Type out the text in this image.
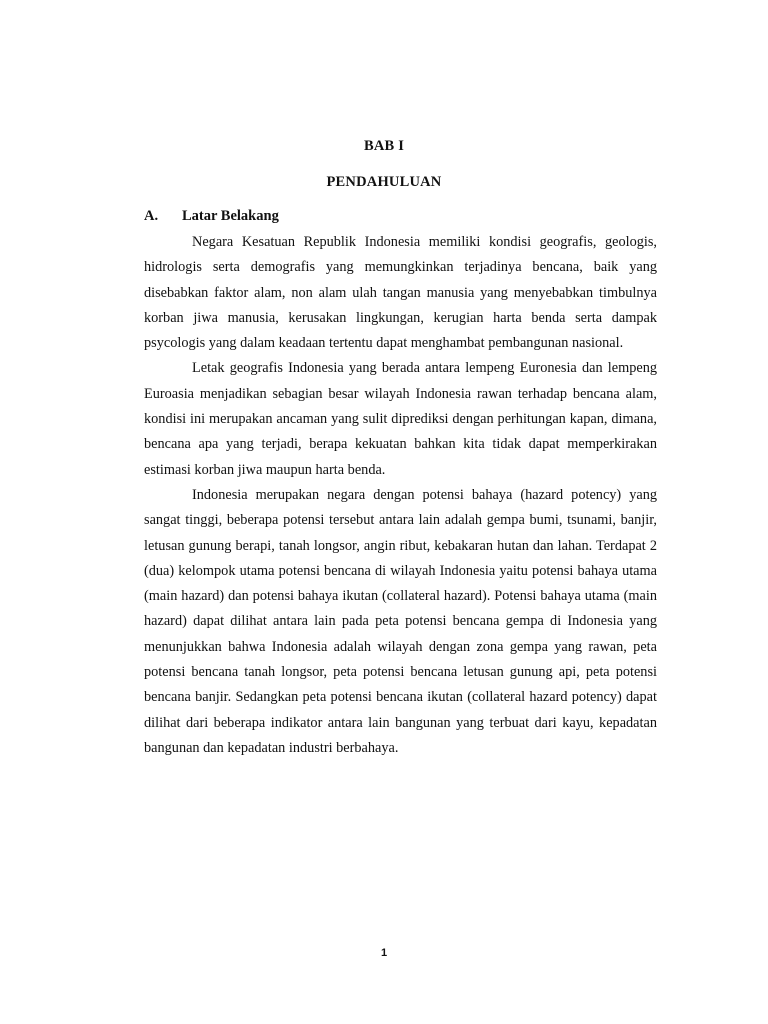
BAB I
PENDAHULUAN
A. Latar Belakang

Negara Kesatuan Republik Indonesia memiliki kondisi geografis, geologis, hidrologis serta demografis yang memungkinkan terjadinya bencana, baik yang disebabkan faktor alam, non alam ulah tangan manusia yang menyebabkan timbulnya korban jiwa manusia, kerusakan lingkungan, kerugian harta benda serta dampak psycologis yang dalam keadaan tertentu dapat menghambat pembangunan nasional.

Letak geografis Indonesia yang berada antara lempeng Euronesia dan lempeng Euroasia menjadikan sebagian besar wilayah Indonesia rawan terhadap bencana alam, kondisi ini merupakan ancaman yang sulit diprediksi dengan perhitungan kapan, dimana, bencana apa yang terjadi, berapa kekuatan bahkan kita tidak dapat memperkirakan estimasi korban jiwa maupun harta benda.

Indonesia merupakan negara dengan potensi bahaya (hazard potency) yang sangat tinggi, beberapa potensi tersebut antara lain adalah gempa bumi, tsunami, banjir, letusan gunung berapi, tanah longsor, angin ribut, kebakaran hutan dan lahan. Terdapat 2 (dua) kelompok utama potensi bencana di wilayah Indonesia yaitu potensi bahaya utama (main hazard) dan potensi bahaya ikutan (collateral hazard). Potensi bahaya utama (main hazard) dapat dilihat antara lain pada peta potensi bencana gempa di Indonesia yang menunjukkan bahwa Indonesia adalah wilayah dengan zona gempa yang rawan, peta potensi bencana tanah longsor, peta potensi bencana letusan gunung api, peta potensi bencana banjir. Sedangkan peta potensi bencana ikutan (collateral hazard potency) dapat dilihat dari beberapa indikator antara lain bangunan yang terbuat dari kayu, kepadatan bangunan dan kepadatan industri berbahaya.

1
